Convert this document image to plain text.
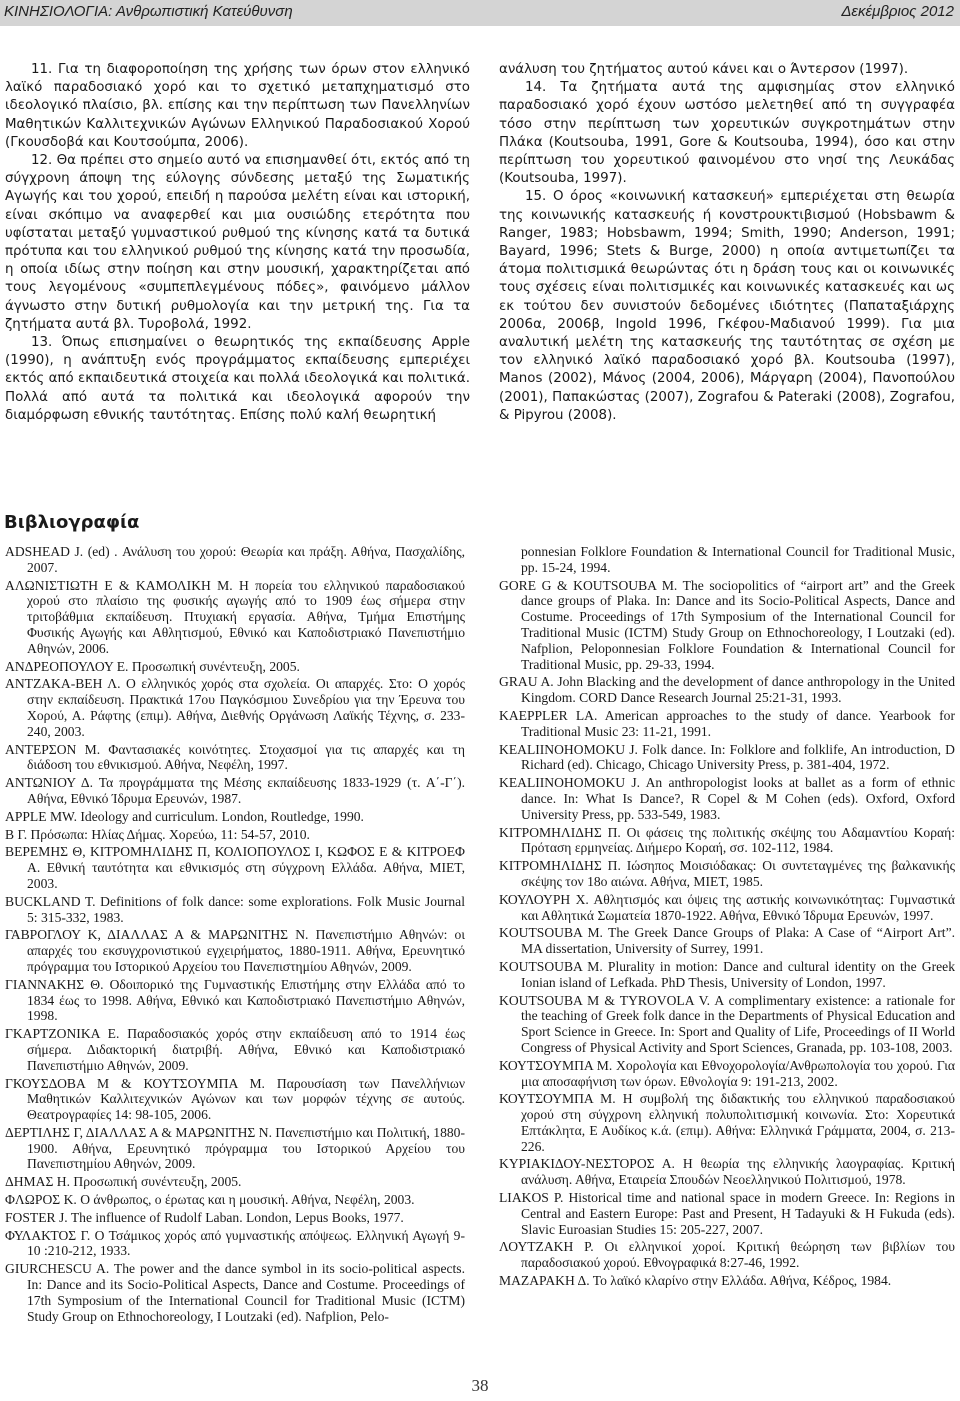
ΚΙΝΗΣΙΟΛΟΓΙΑ: Ανθρωπιστική Κατεύθυνση	Δεκέμβριος 2012

11. Για τη διαφοροποίηση της χρήσης των όρων στον ελληνικό λαϊκό παραδοσιακό χορό και το σχετικό μεταπχηματισμό στο ιδεολογικό πλαίσιο, βλ. επίσης και την περίπτωση των Πανελληνίων Μαθητικών Καλλιτεχνικών Αγώνων Ελληνικού Παραδοσιακού Χορού (Γκουσδοβά και Κουτσούμπα, 2006).

12. Θα πρέπει στο σημείο αυτό να επισημανθεί ότι, εκτός από τη σύγχρονη άποψη της εύλογης σύνδεσης μεταξύ της Σωματικής Αγωγής και του χορού, επειδή η παρούσα μελέτη είναι και ιστορική, είναι σκόπιμο να αναφερθεί και μια ουσιώδης ετερότητα που υφίσταται μεταξύ γυμναστικού ρυθμού της κίνησης κατά τα δυτικά πρότυπα και του ελληνικού ρυθμού της κίνησης κατά την προσωδία, η οποία ιδίως στην ποίηση και στην μουσική, χαρακτηρίζεται από τους λεγομένους «συμπεπλεγμένους πόδες», φαινόμενο μάλλον άγνωστο στην δυτική ρυθμολογία και την μετρική της. Για τα ζητήματα αυτά βλ. Τυροβολά, 1992.

13. Όπως επισημαίνει ο θεωρητικός της εκπαίδευσης Apple (1990), η ανάπτυξη ενός προγράμματος εκπαίδευσης εμπεριέχει εκτός από εκπαιδευτικά στοιχεία και πολλά ιδεολογικά και πολιτικά. Πολλά από αυτά τα πολιτικά και ιδεολογικά αφορούν την διαμόρφωση εθνικής ταυτότητας. Επίσης πολύ καλή θεωρητική

ανάλυση του ζητήματος αυτού κάνει και ο Άντερσον (1997).

14. Τα ζητήματα αυτά της αμφισημίας στον ελληνικό παραδοσιακό χορό έχουν ωστόσο μελετηθεί από τη συγγραφέα τόσο στην περίπτωση των χορευτικών συγκροτημάτων στην Πλάκα (Koutsouba, 1991, Gore & Koutsouba, 1994), όσο και στην περίπτωση του χορευτικού φαινομένου στο νησί της Λευκάδας (Koutsouba, 1997).

15. Ο όρος «κοινωνική κατασκευή» εμπεριέχεται στη θεωρία της κοινωνικής κατασκευής ή κονστρουκτιβισμού (Hobsbawm & Ranger, 1983; Hobsbawm, 1994; Smith, 1990; Anderson, 1991; Bayard, 1996; Stets & Burge, 2000) η οποία αντιμετωπίζει τα άτομα πολιτισμικά θεωρώντας ότι η δράση τους και οι κοινωνικές τους σχέσεις είναι πολιτισμικές και κοινωνικές κατασκευές και ως εκ τούτου δεν συνιστούν δεδομένες ιδιότητες (Παπαταξιάρχης 2006α, 2006β, Ingold 1996, Γκέφου-Μαδιανού 1999). Για μια αναλυτική μελέτη της κατασκευής της ταυτότητας σε σχέση με τον ελληνικό λαϊκό παραδοσιακό χορό βλ. Koutsouba (1997), Manos (2002), Μάνος (2004, 2006), Μάργαρη (2004), Πανοπούλου (2001), Παπακώστας (2007), Zografou & Pateraki (2008), Zografou, & Pipyrou (2008).

Βιβλιογραφία

ADSHEAD J. (ed) . Ανάλυση του χορού: Θεωρία και πράξη. Αθήνα, Πασχαλίδης, 2007.

ΑΛΩΝΙΣΤΙΩΤΗ Ε & ΚΑΜΟΛΙΚΗ Μ. Η πορεία του ελληνικού παραδοσιακού χορού στο πλαίσιο της φυσικής αγωγής από το 1909 έως σήμερα στην τριτοβάθμια εκπαίδευση. Πτυχιακή εργασία. Αθήνα, Τμήμα Επιστήμης Φυσικής Αγωγής και Αθλητισμού, Εθνικό και Καποδιστριακό Πανεπιστήμιο Αθηνών, 2006.

ΑΝΔΡΕΟΠΟΥΛΟΥ Ε. Προσωπική συνέντευξη, 2005.

ΑΝΤΖΑΚΑ-ΒΕΗ Λ. Ο ελληνικός χορός στα σχολεία. Οι απαρχές. Στο: Ο χορός στην εκπαίδευση. Πρακτικά 17ου Παγκόσμιου Συνεδρίου για την Έρευνα του Χορού, Α. Ράφτης (επιμ). Αθήνα, Διεθνής Οργάνωση Λαϊκής Τέχνης, σ. 233-240, 2003.

ΑΝΤΕΡΣΟΝ Μ. Φαντασιακές κοινότητες. Στοχασμοί για τις απαρχές και τη διάδοση του εθνικισμού. Αθήνα, Νεφέλη, 1997.

ΑΝΤΩΝΙΟΥ Δ. Τα προγράμματα της Μέσης εκπαίδευσης 1833-1929 (τ. Α΄-Γ΄). Αθήνα, Εθνικό Ίδρυμα Ερευνών, 1987.

APPLE MW. Ideology and curriculum. London, Routledge, 1990.

Β Γ. Πρόσωπα: Ηλίας Δήμας. Χορεύω, 11: 54-57, 2010.

ΒΕΡΕΜΗΣ Θ, ΚΙΤΡΟΜΗΛΙΔΗΣ Π, ΚΟΛΙΟΠΟΥΛΟΣ Ι, ΚΩΦΟΣ Ε & ΚΙΤΡΟΕΦ Α. Εθνική ταυτότητα και εθνικισμός στη σύγχρονη Ελλάδα. Αθήνα, ΜΙΕΤ, 2003.

BUCKLAND T. Definitions of folk dance: some explorations. Folk Music Journal 5: 315-332, 1983.

ΓΑΒΡΟΓΛΟΥ Κ, ΔΙΑΛΛΑΣ Α & ΜΑΡΩΝΙΤΗΣ Ν. Πανεπιστήμιο Αθηνών: οι απαρχές του εκσυγχρονιστικού εγχειρήματος, 1880-1911. Αθήνα, Ερευνητικό πρόγραμμα του Ιστορικού Αρχείου του Πανεπιστημίου Αθηνών, 2009.

ΓΙΑΝΝΑΚΗΣ Θ. Οδοιπορικό της Γυμναστικής Επιστήμης στην Ελλάδα από το 1834 έως το 1998. Αθήνα, Εθνικό και Καποδιστριακό Πανεπιστήμιο Αθηνών, 1998.

ΓΚΑΡΤΖΟΝΙΚΑ Ε. Παραδοσιακός χορός στην εκπαίδευση από το 1914 έως σήμερα. Διδακτορική διατριβή. Αθήνα, Εθνικό και Καποδιστριακό Πανεπιστήμιο Αθηνών, 2009.

ΓΚΟΥΣΔΟΒΑ Μ & ΚΟΥΤΣΟΥΜΠΑ Μ. Παρουσίαση των Πανελλήνιων Μαθητικών Καλλιτεχνικών Αγώνων και των μορφών τέχνης σε αυτούς. Θεατρογραφίες 14: 98-105, 2006.

ΔΕΡΤΙΛΗΣ Γ, ΔΙΑΛΛΑΣ Α & ΜΑΡΩΝΙΤΗΣ Ν. Πανεπιστήμιο και Πολιτική, 1880-1900. Αθήνα, Ερευνητικό πρόγραμμα του Ιστορικού Αρχείου του Πανεπιστημίου Αθηνών, 2009.

ΔΗΜΑΣ Η. Προσωπική συνέντευξη, 2005.

ΦΛΩΡΟΣ Κ. Ο άνθρωπος, ο έρωτας και η μουσική. Αθήνα, Νεφέλη, 2003.

FOSTER J. The influence of Rudolf Laban. London, Lepus Books, 1977.

ΦΥΛΑΚΤΟΣ Γ. Ο Τσάμικος χορός από γυμναστικής απόψεως. Ελληνική Αγωγή 9-10 :210-212, 1933.

GIURCHESCU A. The power and the dance symbol in its socio-political aspects. In: Dance and its Socio-Political Aspects, Dance and Costume. Proceedings of 17th Symposium of the International Council for Traditional Music (ICTM) Study Group on Ethnochoreology, I Loutzaki (ed). Nafplion, Pelo-

ponnesian Folklore Foundation & International Council for Traditional Music, pp. 15-24, 1994.

GORE G & KOUTSOUBA M. The sociopolitics of “airport art” and the Greek dance groups of Plaka. In: Dance and its Socio-Political Aspects, Dance and Costume. Proceedings of 17th Symposium of the International Council for Traditional Music (ICTM) Study Group on Ethnochoreology, I Loutzaki (ed). Nafplion, Peloponnesian Folklore Foundation & International Council for Traditional Music, pp. 29-33, 1994.

GRAU A. John Blacking and the development of dance anthropology in the United Kingdom. CORD Dance Research Journal 25:21-31, 1993.

KAEPPLER LA. American approaches to the study of dance. Yearbook for Traditional Music 23: 11-21, 1991.

KEALIINOHOMOKU J. Folk dance. In: Folklore and folklife, An introduction, D Richard (ed). Chicago, Chicago University Press, p. 381-404, 1972.

KEALIINOHOMOKU J. An anthropologist looks at ballet as a form of ethnic dance. In: What Is Dance?, R Copel & M Cohen (eds). Oxford, Oxford University Press, pp. 533-549, 1983.

ΚΙΤΡΟΜΗΛΙΔΗΣ Π. Οι φάσεις της πολιτικής σκέψης του Αδαμαντίου Κοραή: Πρόταση ερμηνείας. Διήμερο Κοραή, σσ. 102-112, 1984.

ΚΙΤΡΟΜΗΛΙΔΗΣ Π. Ιώσηπος Μοισιόδακας: Οι συντεταγμένες της βαλκανικής σκέψης τον 18ο αιώνα. Αθήνα, ΜΙΕΤ, 1985.

ΚΟΥΛΟΥΡΗ Χ. Αθλητισμός και όψεις της αστικής κοινωνικότητας: Γυμναστικά και Αθλητικά Σωματεία 1870-1922. Αθήνα, Εθνικό Ίδρυμα Ερευνών, 1997.

KOUTSOUBA M. The Greek Dance Groups of Plaka: A Case of “Airport Art”. MA dissertation, University of Surrey, 1991.

KOUTSOUBA M. Plurality in motion: Dance and cultural identity on the Greek Ionian island of Lefkada. PhD Thesis, University of London, 1997.

KOUTSOUBA M & TYROVOLA V. A complimentary existence: a rationale for the teaching of Greek folk dance in the Departments of Physical Education and Sport Science in Greece. In: Sport and Quality of Life, Proceedings of II World Congress of Physical Activity and Sport Sciences, Granada, pp. 103-108, 2003.

ΚΟΥΤΣΟΥΜΠΑ Μ. Χορολογία και Εθνοχορολογία/Ανθρωπολογία του χορού. Για μια αποσαφήνιση των όρων. Εθνολογία 9: 191-213, 2002.

ΚΟΥΤΣΟΥΜΠΑ Μ. Η συμβολή της διδακτικής του ελληνικού παραδοσιακού χορού στη σύγχρονη ελληνική πολυπολιτισμική κοινωνία. Στο: Χορευτικά Επτάκλητα, Ε Αυδίκος κ.ά. (επιμ). Αθήνα: Ελληνικά Γράμματα, 2004, σ. 213-226.

ΚΥΡΙΑΚΙΔΟΥ-ΝΕΣΤΟΡΟΣ Α. Η θεωρία της ελληνικής λαογραφίας. Κριτική ανάλυση. Αθήνα, Εταιρεία Σπουδών Νεοελληνικού Πολιτισμού, 1978.

LIAKOS P. Historical time and national space in modern Greece. In: Regions in Central and Eastern Europe: Past and Present, H Tadayuki & H Fukuda (eds). Slavic Euroasian Studies 15: 205-227, 2007.

ΛΟΥΤΖΑΚΗ Ρ. Οι ελληνικοί χοροί. Κριτική θεώρηση των βιβλίων του παραδοσιακού χορού. Εθνογραφικά 8:27-46, 1992.

ΜΑΖΑΡΑΚΗ Δ. Το λαϊκό κλαρίνο στην Ελλάδα. Αθήνα, Κέδρος, 1984.

38
